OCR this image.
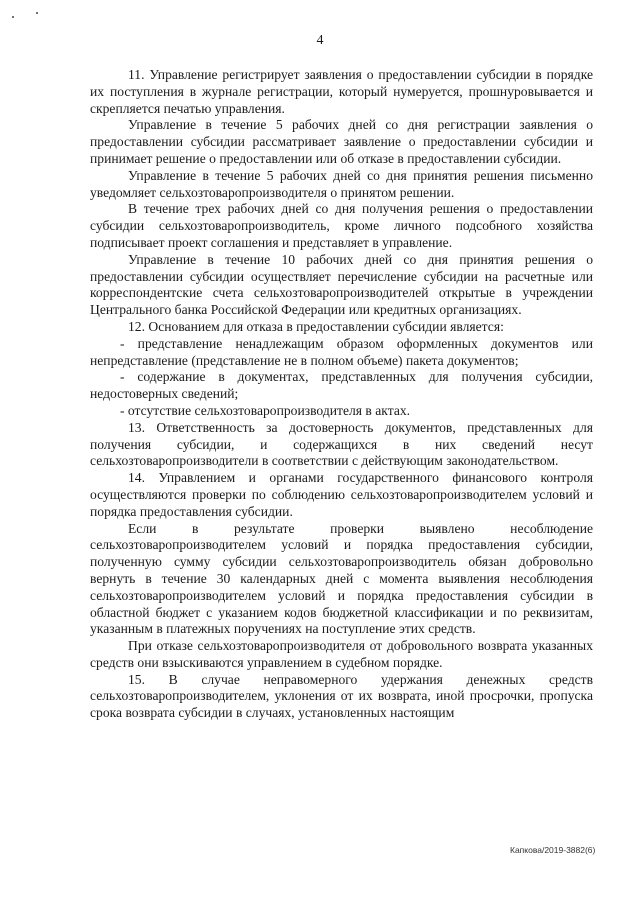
4

11. Управление регистрирует заявления о предоставлении субсидии в порядке их поступления в журнале регистрации, который нумеруется, прошнуровывается и скрепляется печатью управления.

Управление в течение 5 рабочих дней со дня регистрации заявления о предоставлении субсидии рассматривает заявление о предоставлении субсидии и принимает решение о предоставлении или об отказе в предоставлении субсидии.

Управление в течение 5 рабочих дней со дня принятия решения письменно уведомляет сельхозтоваропроизводителя о принятом решении.

В течение трех рабочих дней со дня получения решения о предоставлении субсидии сельхозтоваропроизводитель, кроме личного подсобного хозяйства подписывает проект соглашения и представляет в управление.

Управление в течение 10 рабочих дней со дня принятия решения о предоставлении субсидии осуществляет перечисление субсидии на расчетные или корреспондентские счета сельхозтоваропроизводителей открытые в учреждении Центрального банка Российской Федерации или кредитных организациях.

12. Основанием для отказа в предоставлении субсидии является:

- представление ненадлежащим образом оформленных документов или непредставление (представление не в полном объеме) пакета документов;

- содержание в документах, представленных для получения субсидии, недостоверных сведений;

- отсутствие сельхозтоваропроизводителя в актах.

13. Ответственность за достоверность документов, представленных для получения субсидии, и содержащихся в них сведений несут сельхозтоваропроизводители в соответствии с действующим законодательством.

14. Управлением и органами государственного финансового контроля осуществляются проверки по соблюдению сельхозтоваропроизводителем условий и порядка предоставления субсидии.

Если в результате проверки выявлено несоблюдение сельхозтоваропроизводителем условий и порядка предоставления субсидии, полученную сумму субсидии сельхозтоваропроизводитель обязан добровольно вернуть в течение 30 календарных дней с момента выявления несоблюдения сельхозтоваропроизводителем условий и порядка предоставления субсидии в областной бюджет с указанием кодов бюджетной классификации и по реквизитам, указанным в платежных поручениях на поступление этих средств.

При отказе сельхозтоваропроизводителя от добровольного возврата указанных средств они взыскиваются управлением в судебном порядке.

15. В случае неправомерного удержания денежных средств сельхозтоваропроизводителем, уклонения от их возврата, иной просрочки, пропуска срока возврата субсидии в случаях, установленных настоящим

Капкова/2019-3882(6)
